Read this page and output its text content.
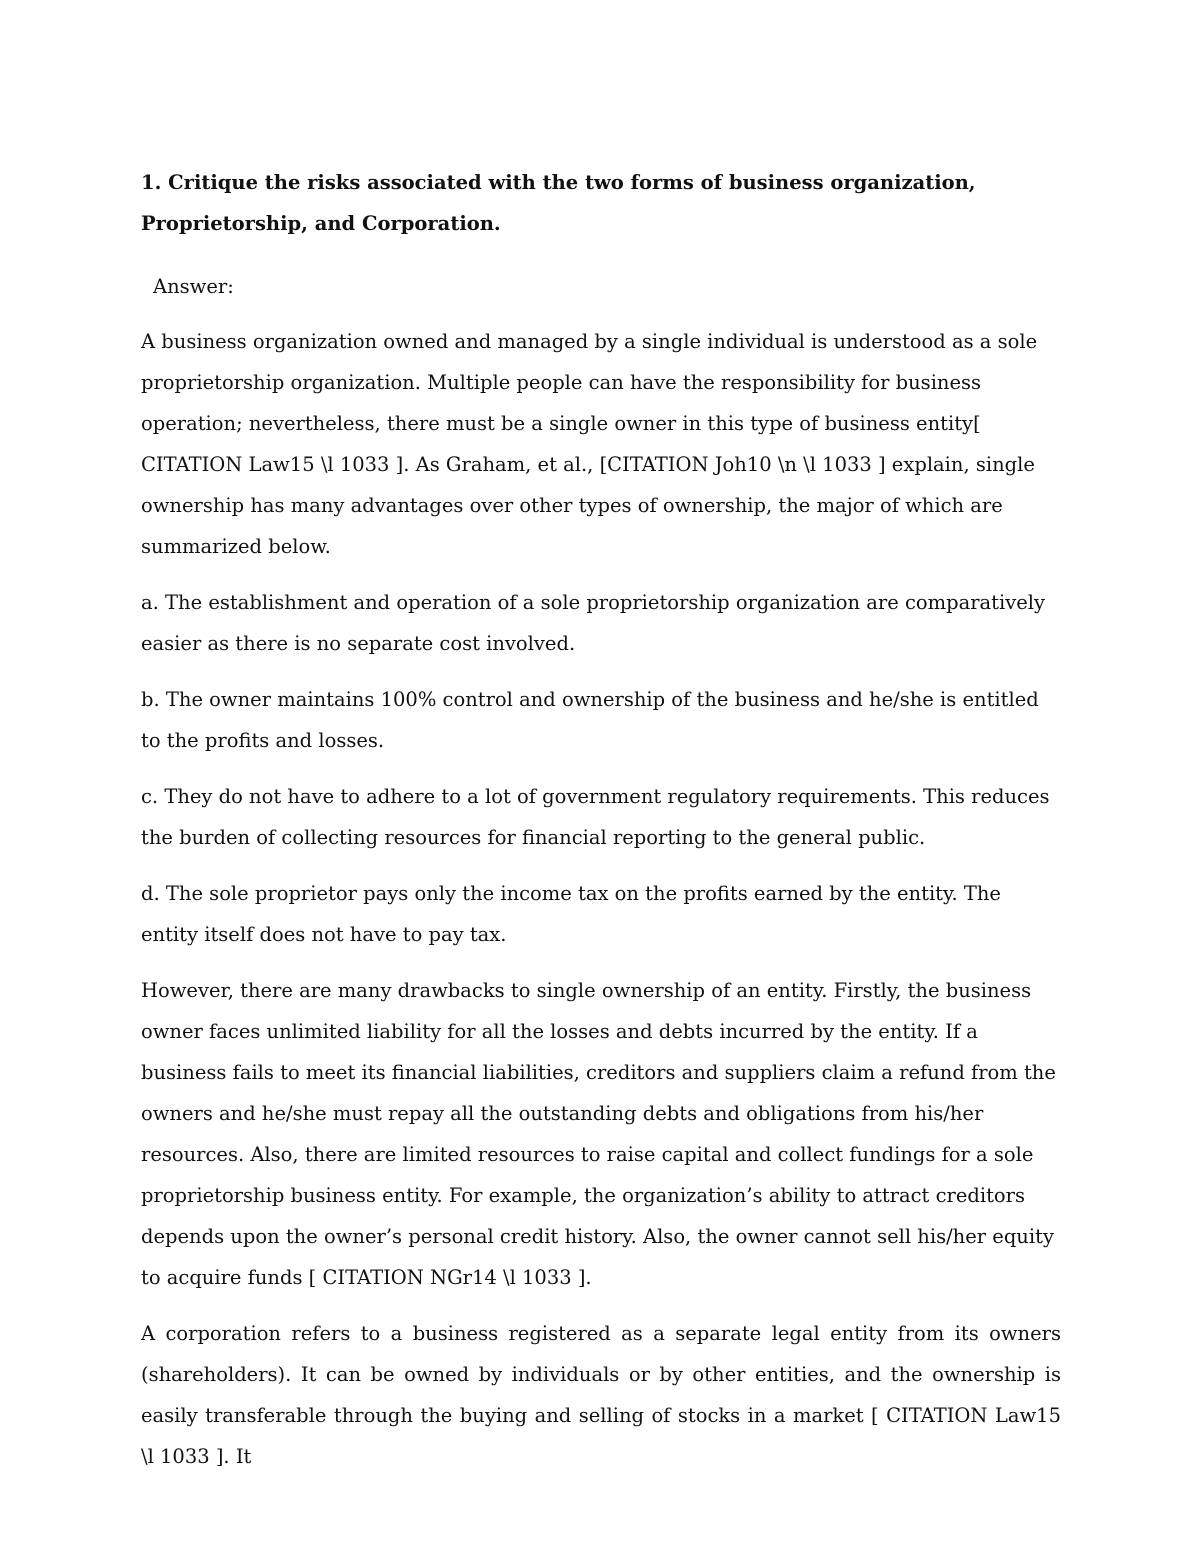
1. Critique the risks associated with the two forms of business organization, Proprietorship, and Corporation.

Answer:

A business organization owned and managed by a single individual is understood as a sole proprietorship organization. Multiple people can have the responsibility for business operation; nevertheless, there must be a single owner in this type of business entity[ CITATION Law15 \l 1033 ]. As Graham, et al., [CITATION Joh10 \n \l 1033 ] explain, single ownership has many advantages over other types of ownership, the major of which are summarized below.

a. The establishment and operation of a sole proprietorship organization are comparatively easier as there is no separate cost involved.

b. The owner maintains 100% control and ownership of the business and he/she is entitled to the profits and losses.

c. They do not have to adhere to a lot of government regulatory requirements. This reduces the burden of collecting resources for financial reporting to the general public.

d. The sole proprietor pays only the income tax on the profits earned by the entity. The entity itself does not have to pay tax.

However, there are many drawbacks to single ownership of an entity. Firstly, the business owner faces unlimited liability for all the losses and debts incurred by the entity. If a business fails to meet its financial liabilities, creditors and suppliers claim a refund from the owners and he/she must repay all the outstanding debts and obligations from his/her resources. Also, there are limited resources to raise capital and collect fundings for a sole proprietorship business entity. For example, the organization’s ability to attract creditors depends upon the owner’s personal credit history. Also, the owner cannot sell his/her equity to acquire funds [ CITATION NGr14 \l 1033 ].

A corporation refers to a business registered as a separate legal entity from its owners (shareholders). It can be owned by individuals or by other entities, and the ownership is easily transferable through the buying and selling of stocks in a market [ CITATION Law15 \l 1033 ]. It
